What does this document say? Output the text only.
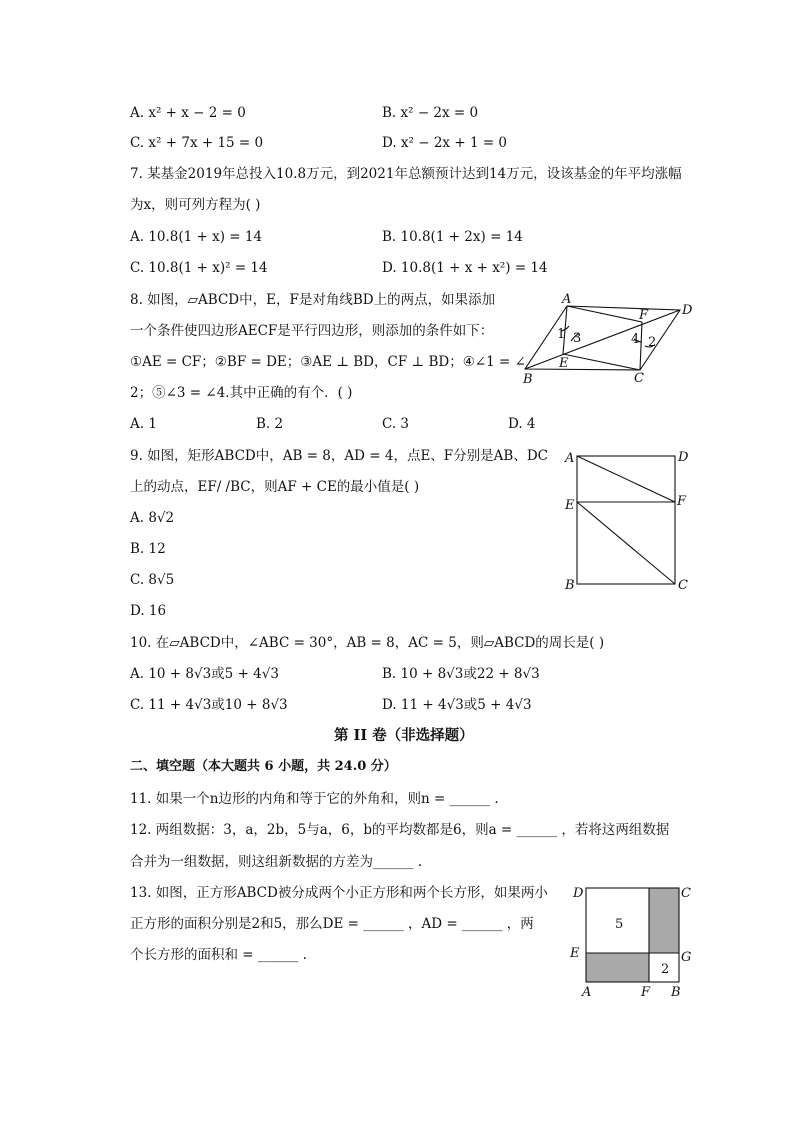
A. x² + x − 2 = 0	B. x² − 2x = 0
C. x² + 7x + 15 = 0	D. x² − 2x + 1 = 0
7. 某基金2019年总投入10.8万元，到2021年总额预计达到14万元，设该基金的年平均涨幅
为x，则可列方程为( )
A. 10.8(1 + x) = 14	B. 10.8(1 + 2x) = 14
C. 10.8(1 + x)² = 14	D. 10.8(1 + x + x²) = 14
8. 如图，▱ABCD中，E，F是对角线BD上的两点，如果添加
一个条件使四边形AECF是平行四边形，则添加的条件如下：
①AE = CF；②BF = DE；③AE ⊥ BD，CF ⊥ BD；④∠1 = ∠
2；⑤∠3 = ∠4.其中正确的有个．( )
A. 1	B. 2	C. 3	D. 4
A
D
B	C
E
F
1
2
3	4
9. 如图，矩形ABCD中，AB = 8，AD = 4，点E、F分别是AB、DC
上的动点，EF/ /BC，则AF + CE的最小值是( )
A. 8√2
B. 12
C. 8√5
D. 16
A	D
E	F
B	C
10. 在▱ABCD中，∠ABC = 30°，AB = 8，AC = 5，则▱ABCD的周长是( )
A. 10 + 8√3或5 + 4√3	B. 10 + 8√3或22 + 8√3
C. 11 + 4√3或10 + 8√3	D. 11 + 4√3或5 + 4√3
第 II 卷（非选择题）
二、填空题（本大题共 6 小题，共 24.0 分）
11. 如果一个n边形的内角和等于它的外角和，则n = ______ .
12. 两组数据：3，a，2b，5与a，6，b的平均数都是6，则a = ______ ，若将这两组数据
合并为一组数据，则这组新数据的方差为______ .
13. 如图，正方形ABCD被分成两个小正方形和两个长方形，如果两小
正方形的面积分别是2和5，那么DE = ______ ，AD = ______ ，两
个长方形的面积和 = ______ .
D	C
E	G
A	F B
5
2
